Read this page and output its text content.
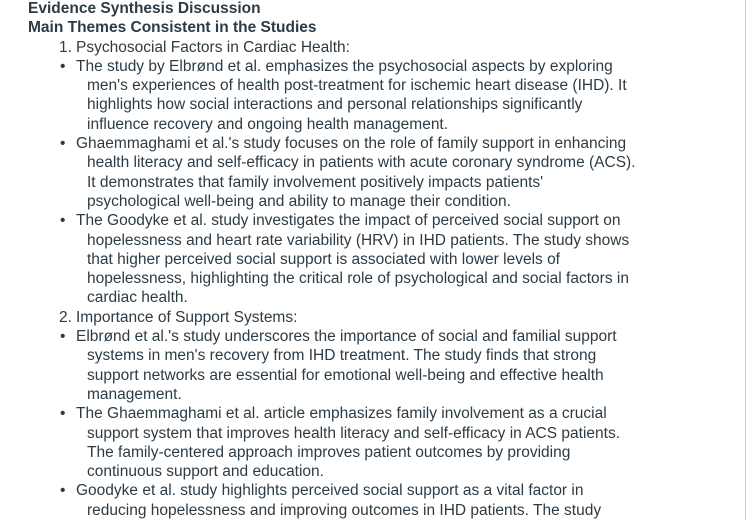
Evidence Synthesis Discussion
Main Themes Consistent in the Studies
1. Psychosocial Factors in Cardiac Health:
• The study by Elbrønd et al. emphasizes the psychosocial aspects by exploring
men's experiences of health post-treatment for ischemic heart disease (IHD). It
highlights how social interactions and personal relationships significantly
influence recovery and ongoing health management.
• Ghaemmaghami et al.'s study focuses on the role of family support in enhancing
health literacy and self-efficacy in patients with acute coronary syndrome (ACS).
It demonstrates that family involvement positively impacts patients'
psychological well-being and ability to manage their condition.
• The Goodyke et al. study investigates the impact of perceived social support on
hopelessness and heart rate variability (HRV) in IHD patients. The study shows
that higher perceived social support is associated with lower levels of
hopelessness, highlighting the critical role of psychological and social factors in
cardiac health.
2. Importance of Support Systems:
• Elbrønd et al.'s study underscores the importance of social and familial support
systems in men's recovery from IHD treatment. The study finds that strong
support networks are essential for emotional well-being and effective health
management.
• The Ghaemmaghami et al. article emphasizes family involvement as a crucial
support system that improves health literacy and self-efficacy in ACS patients.
The family-centered approach improves patient outcomes by providing
continuous support and education.
• Goodyke et al. study highlights perceived social support as a vital factor in
reducing hopelessness and improving outcomes in IHD patients. The study
